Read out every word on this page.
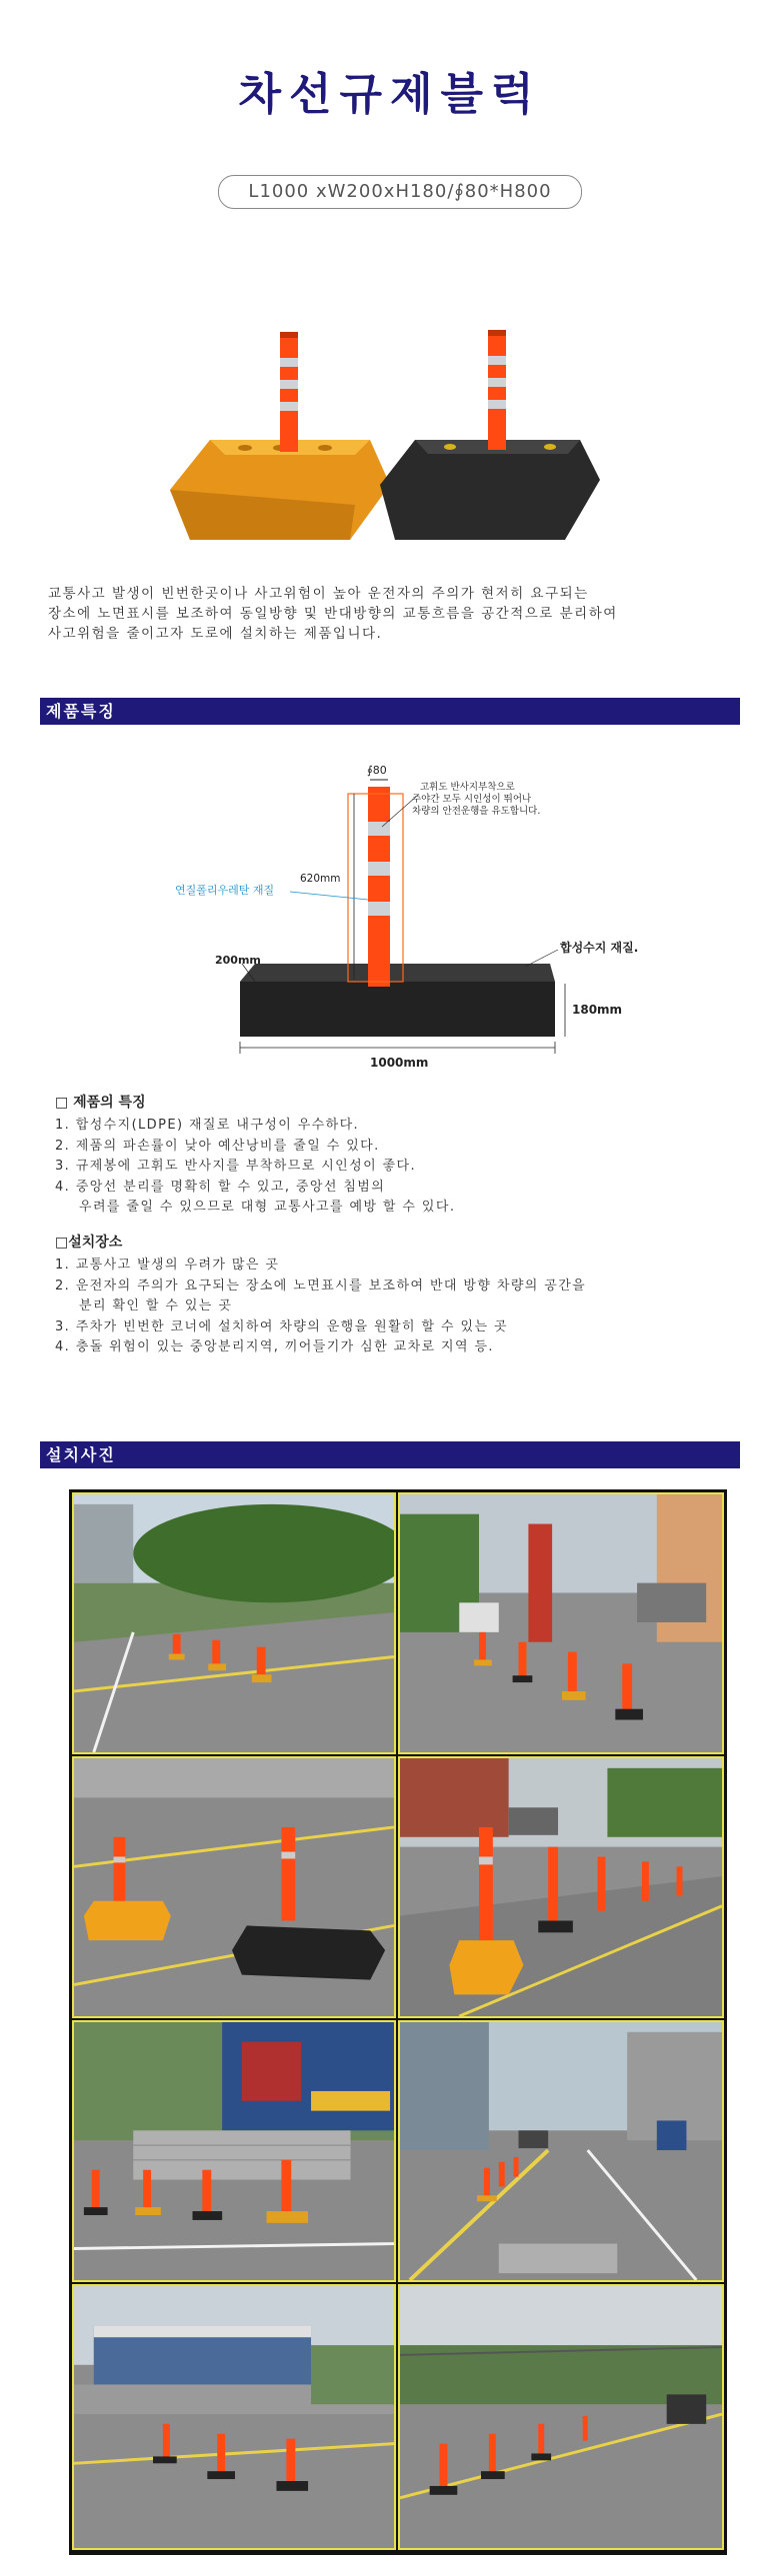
차선규제블럭
L1000 xW200xH180/∮80*H800
교통사고 발생이 빈번한곳이나 사고위험이 높아 운전자의 주의가 현저히 요구되는
장소에 노면표시를 보조하여 동일방향 및 반대방향의 교통흐름을 공간적으로 분리하여
사고위험을 줄이고자 도로에 설치하는 제품입니다.
제품특징
∮80
620mm
고휘도 반사지부착으로
주야간 모두 시인성이 뛰어나
차량의 안전운행을 유도합니다.
연질폴리우레탄 재질
200mm
합성수지 재질.
180mm
1000mm
□ 제품의 특징

1. 합성수지(LDPE) 재질로 내구성이 우수하다.

2. 제품의 파손률이 낮아 예산낭비를 줄일 수 있다.

3. 규제봉에 고휘도 반사지를 부착하므로 시인성이 좋다.

4. 중앙선 분리를 명확히 할 수 있고, 중앙선 침범의

우려를 줄일 수 있으므로 대형 교통사고를 예방 할 수 있다.

□설치장소

1. 교통사고 발생의 우려가 많은 곳

2. 운전자의 주의가 요구되는 장소에 노면표시를 보조하여 반대 방향 차량의 공간을

분리 확인 할 수 있는 곳

3. 주차가 빈번한 코너에 설치하여 차량의 운행을 원활히 할 수 있는 곳

4. 충돌 위험이 있는 중앙분리지역, 끼어들기가 심한 교차로 지역 등.

설치사진
